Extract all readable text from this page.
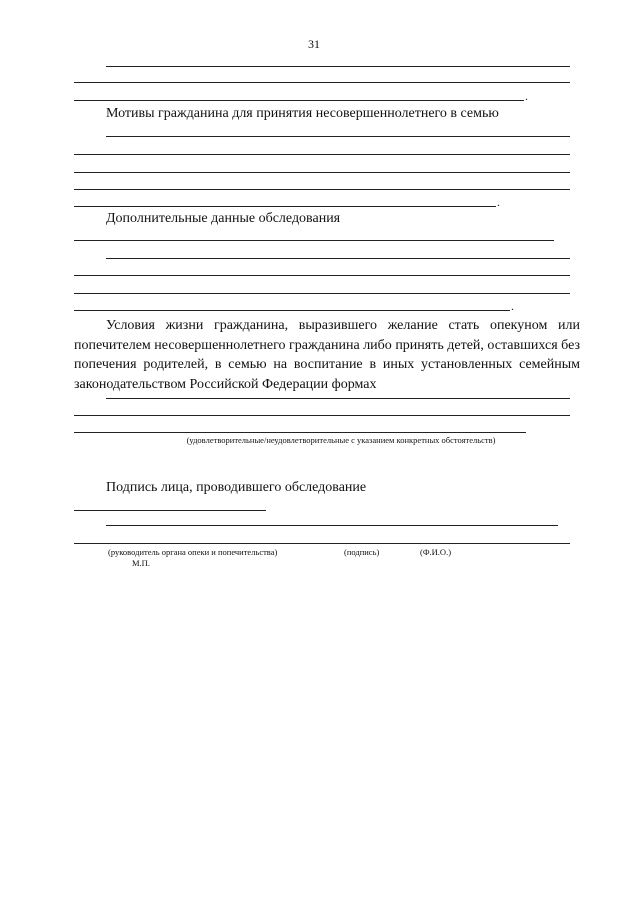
31
.
Мотивы гражданина для принятия несовершеннолетнего в семью
.
Дополнительные данные обследования
.
Условия жизни гражданина, выразившего желание стать опекуном или попечителем несовершеннолетнего гражданина либо принять детей, оставшихся без попечения родителей, в семью на воспитание в иных установленных семейным законодательством Российской Федерации формах
(удовлетворительные/неудовлетворительные с указанием конкретных обстоятельств)
Подпись лица, проводившего обследование
(руководитель органа опеки и попечительства)	(подпись)	(Ф.И.О.)
М.П.
